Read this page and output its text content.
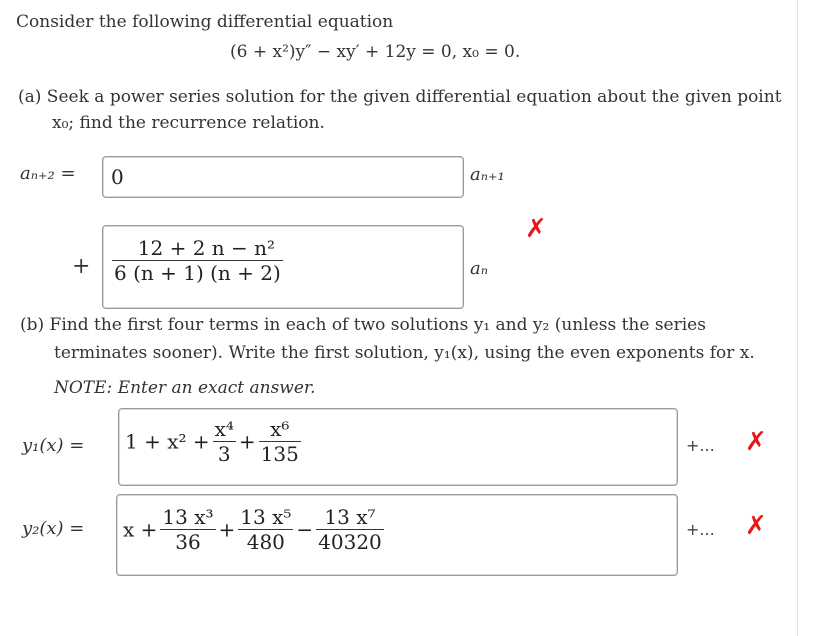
Consider the following differential equation
(6 + x²)y″ − xy′ + 12y = 0, x₀ = 0.
(a) Seek a power series solution for the given differential equation about the given point
x₀; find the recurrence relation.
aₙ₊₂ = 0	aₙ₊₁
✗
+ $\frac{\text{12 + 2 n − n²}}{6 (n + 1) (n + 2)}$	aₙ
(b) Find the first four terms in each of two solutions y₁ and y₂ (unless the series
terminates sooner). Write the first solution, y₁(x), using the even exponents for x.
NOTE: Enter an exact answer.
$y_1(x) = 1 + x^2 + \frac{\text{x⁴}}{3} + \frac{\text{x⁶}}{135}$	+... ✗
$y_2(x) = x + \frac{\text{13 x³}}{36} + \frac{\text{13 x⁵}}{480} - \frac{\text{13 x⁷}}{40320}$	+... ✗
